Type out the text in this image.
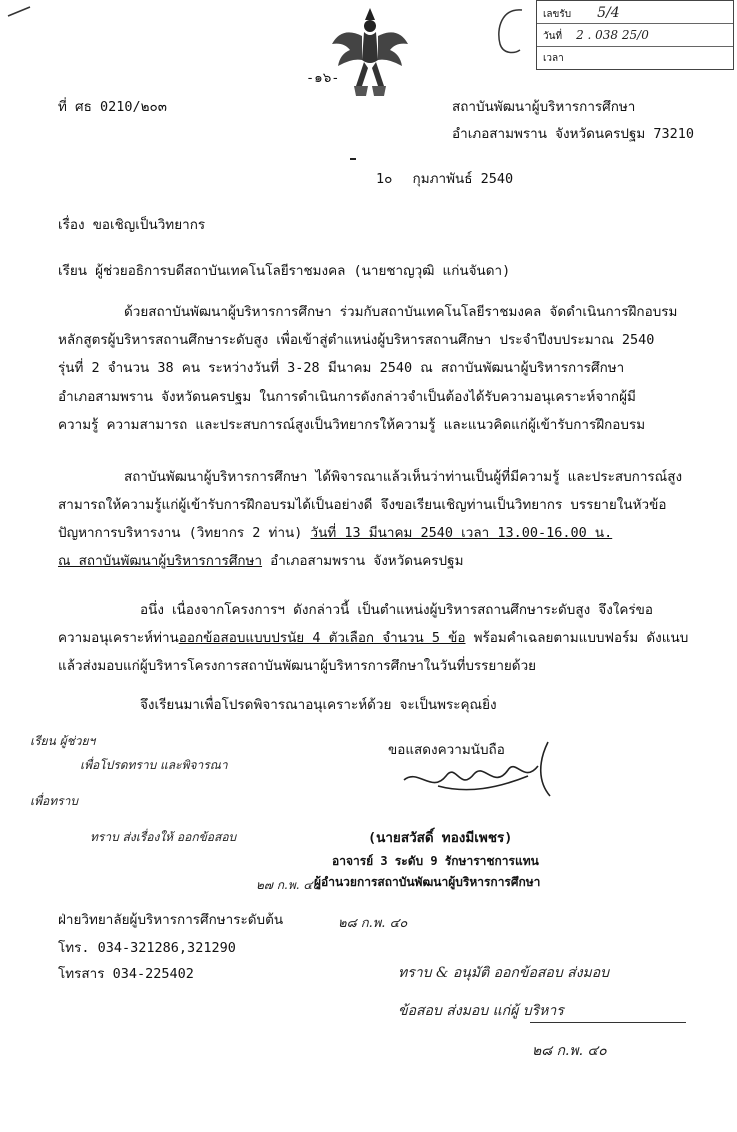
เลขรับ 5/4
วันที่ 2 . 038 25/0
เวลา
-๑๖-
ที่ ศธ 0210/๒๐๓	สถาบันพัฒนาผู้บริหารการศึกษา
อำเภอสามพราน จังหวัดนครปฐม 73210
1๐ กุมภาพันธ์ 2540
เรื่อง ขอเชิญเป็นวิทยากร
เรียน ผู้ช่วยอธิการบดีสถาบันเทคโนโลยีราชมงคล (นายชาญวุฒิ แก่นจันดา)
ด้วยสถาบันพัฒนาผู้บริหารการศึกษา ร่วมกับสถาบันเทคโนโลยีราชมงคล จัดดำเนินการฝึกอบรม
หลักสูตรผู้บริหารสถานศึกษาระดับสูง เพื่อเข้าสู่ตำแหน่งผู้บริหารสถานศึกษา ประจำปีงบประมาณ 2540
รุ่นที่ 2 จำนวน 38 คน ระหว่างวันที่ 3-28 มีนาคม 2540 ณ สถาบันพัฒนาผู้บริหารการศึกษา
อำเภอสามพราน จังหวัดนครปฐม ในการดำเนินการดังกล่าวจำเป็นต้องได้รับความอนุเคราะห์จากผู้มี
ความรู้ ความสามารถ และประสบการณ์สูงเป็นวิทยากรให้ความรู้ และแนวคิดแก่ผู้เข้ารับการฝึกอบรม
สถาบันพัฒนาผู้บริหารการศึกษา ได้พิจารณาแล้วเห็นว่าท่านเป็นผู้ที่มีความรู้ และประสบการณ์สูง
สามารถให้ความรู้แก่ผู้เข้ารับการฝึกอบรมได้เป็นอย่างดี จึงขอเรียนเชิญท่านเป็นวิทยากร บรรยายในหัวข้อ
ปัญหาการบริหารงาน (วิทยากร 2 ท่าน) วันที่ 13 มีนาคม 2540 เวลา 13.00-16.00 น.
ณ สถาบันพัฒนาผู้บริหารการศึกษา อำเภอสามพราน จังหวัดนครปฐม
อนึ่ง เนื่องจากโครงการฯ ดังกล่าวนี้ เป็นตำแหน่งผู้บริหารสถานศึกษาระดับสูง จึงใคร่ขอ
ความอนุเคราะห์ท่านออกข้อสอบแบบปรนัย 4 ตัวเลือก จำนวน 5 ข้อ พร้อมคำเฉลยตามแบบฟอร์ม ดังแนบ
แล้วส่งมอบแก่ผู้บริหารโครงการสถาบันพัฒนาผู้บริหารการศึกษาในวันที่บรรยายด้วย
จึงเรียนมาเพื่อโปรดพิจารณาอนุเคราะห์ด้วย จะเป็นพระคุณยิ่ง
ขอแสดงความนับถือ
(นายสวัสดิ์ ทองมีเพชร)
อาจารย์ 3 ระดับ 9 รักษาราชการแทน
ผู้อำนวยการสถาบันพัฒนาผู้บริหารการศึกษา
ฝ่ายวิทยาลัยผู้บริหารการศึกษาระดับต้น
โทร. 034-321286,321290
โทรสาร 034-225402
เรียน ผู้ช่วยฯ
เพื่อโปรดทราบ และพิจารณา
เพื่อทราบ
ทราบ ส่งเรื่องให้ ออกข้อสอบ
๒๗ ก.พ. ๔๐
๒๘ ก.พ. ๔๐
ทราบ & อนุมัติ ออกข้อสอบ ส่งมอบ
ข้อสอบ ส่งมอบ แก่ผู้ บริหาร
๒๘ ก.พ. ๔๐
